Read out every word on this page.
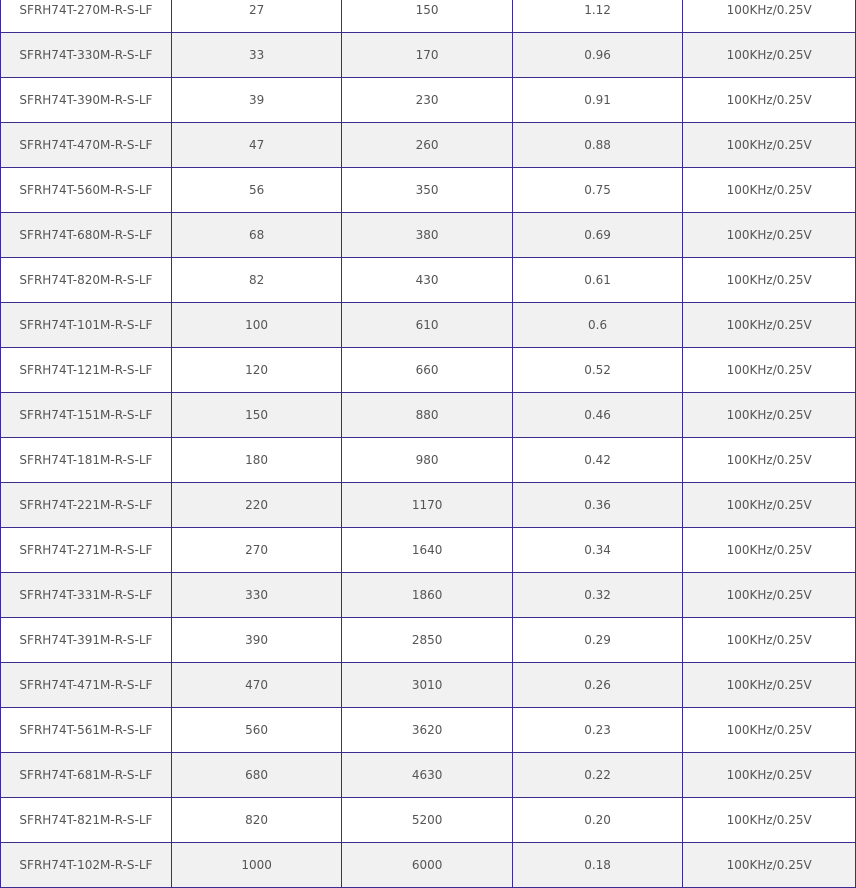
SFRH74T-270M-R-S-LF	27	150	1.12	100KHz/0.25V
SFRH74T-330M-R-S-LF	33	170	0.96	100KHz/0.25V
SFRH74T-390M-R-S-LF	39	230	0.91	100KHz/0.25V
SFRH74T-470M-R-S-LF	47	260	0.88	100KHz/0.25V
SFRH74T-560M-R-S-LF	56	350	0.75	100KHz/0.25V
SFRH74T-680M-R-S-LF	68	380	0.69	100KHz/0.25V
SFRH74T-820M-R-S-LF	82	430	0.61	100KHz/0.25V
SFRH74T-101M-R-S-LF	100	610	0.6	100KHz/0.25V
SFRH74T-121M-R-S-LF	120	660	0.52	100KHz/0.25V
SFRH74T-151M-R-S-LF	150	880	0.46	100KHz/0.25V
SFRH74T-181M-R-S-LF	180	980	0.42	100KHz/0.25V
SFRH74T-221M-R-S-LF	220	1170	0.36	100KHz/0.25V
SFRH74T-271M-R-S-LF	270	1640	0.34	100KHz/0.25V
SFRH74T-331M-R-S-LF	330	1860	0.32	100KHz/0.25V
SFRH74T-391M-R-S-LF	390	2850	0.29	100KHz/0.25V
SFRH74T-471M-R-S-LF	470	3010	0.26	100KHz/0.25V
SFRH74T-561M-R-S-LF	560	3620	0.23	100KHz/0.25V
SFRH74T-681M-R-S-LF	680	4630	0.22	100KHz/0.25V
SFRH74T-821M-R-S-LF	820	5200	0.20	100KHz/0.25V
SFRH74T-102M-R-S-LF	1000	6000	0.18	100KHz/0.25V
